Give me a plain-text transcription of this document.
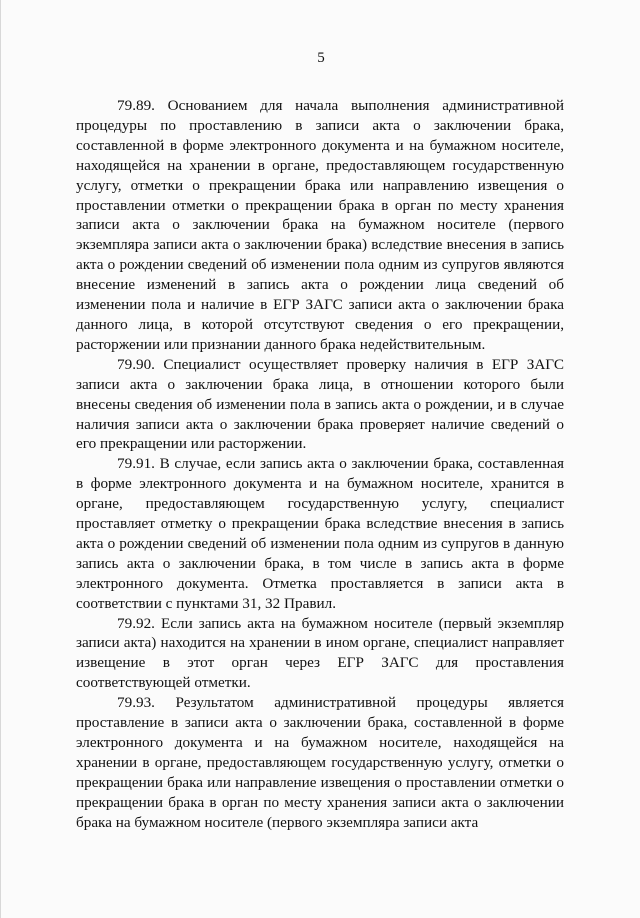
5

79.89. Основанием для начала выполнения административной процедуры по проставлению в записи акта о заключении брака, составленной в форме электронного документа и на бумажном носителе, находящейся на хранении в органе, предоставляющем государственную услугу, отметки о прекращении брака или направлению извещения о проставлении отметки о прекращении брака в орган по месту хранения записи акта о заключении брака на бумажном носителе (первого экземпляра записи акта о заключении брака) вследствие внесения в запись акта о рождении сведений об изменении пола одним из супругов являются внесение изменений в запись акта о рождении лица сведений об изменении пола и наличие в ЕГР ЗАГС записи акта о заключении брака данного лица, в которой отсутствуют сведения о его прекращении, расторжении или признании данного брака недействительным.

79.90. Специалист осуществляет проверку наличия в ЕГР ЗАГС записи акта о заключении брака лица, в отношении которого были внесены сведения об изменении пола в запись акта о рождении, и в случае наличия записи акта о заключении брака проверяет наличие сведений о его прекращении или расторжении.

79.91. В случае, если запись акта о заключении брака, составленная в форме электронного документа и на бумажном носителе, хранится в органе, предоставляющем государственную услугу, специалист проставляет отметку о прекращении брака вследствие внесения в запись акта о рождении сведений об изменении пола одним из супругов в данную запись акта о заключении брака, в том числе в запись акта в форме электронного документа. Отметка проставляется в записи акта в соответствии с пунктами 31, 32 Правил.

79.92. Если запись акта на бумажном носителе (первый экземпляр записи акта) находится на хранении в ином органе, специалист направляет извещение в этот орган через ЕГР ЗАГС для проставления соответствующей отметки.

79.93. Результатом административной процедуры является проставление в записи акта о заключении брака, составленной в форме электронного документа и на бумажном носителе, находящейся на хранении в органе, предоставляющем государственную услугу, отметки о прекращении брака или направление извещения о проставлении отметки о прекращении брака в орган по месту хранения записи акта о заключении брака на бумажном носителе (первого экземпляра записи акта
